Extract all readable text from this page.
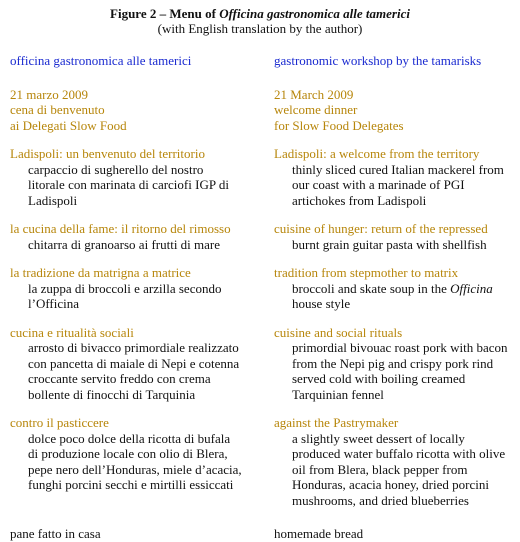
Figure 2 – Menu of Officina gastronomica alle tamerici
(with English translation by the author)
officina gastronomica alle tamerici
21 marzo 2009
cena di benvenuto
ai Delegati Slow Food
Ladispoli: un benvenuto del territorio
carpaccio di sugherello del nostro
litorale con marinata di carciofi IGP di
Ladispoli
la cucina della fame: il ritorno del rimosso
chitarra di granoarso ai frutti di mare
la tradizione da matrigna a matrice
la zuppa di broccoli e arzilla secondo
l’Officina
cucina e ritualità sociali
arrosto di bivacco primordiale realizzato
con pancetta di maiale di Nepi e cotenna
croccante servito freddo con crema
bollente di finocchi di Tarquinia
contro il pasticcere
dolce poco dolce della ricotta di bufala
di produzione locale con olio di Blera,
pepe nero dell’Honduras, miele d’acacia,
funghi porcini secchi e mirtilli essiccati
pane fatto in casa
gastronomic workshop by the tamarisks
21 March 2009
welcome dinner
for Slow Food Delegates
Ladispoli: a welcome from the territory
thinly sliced cured Italian mackerel from
our coast with a marinade of PGI
artichokes from Ladispoli
cuisine of hunger: return of the repressed
burnt grain guitar pasta with shellfish
tradition from stepmother to matrix
broccoli and skate soup in the Officina
house style
cuisine and social rituals
primordial bivouac roast pork with bacon
from the Nepi pig and crispy pork rind
served cold with boiling creamed
Tarquinian fennel
against the Pastrymaker
a slightly sweet dessert of locally
produced water buffalo ricotta with olive
oil from Blera, black pepper from
Honduras, acacia honey, dried porcini
mushrooms, and dried blueberries
homemade bread
